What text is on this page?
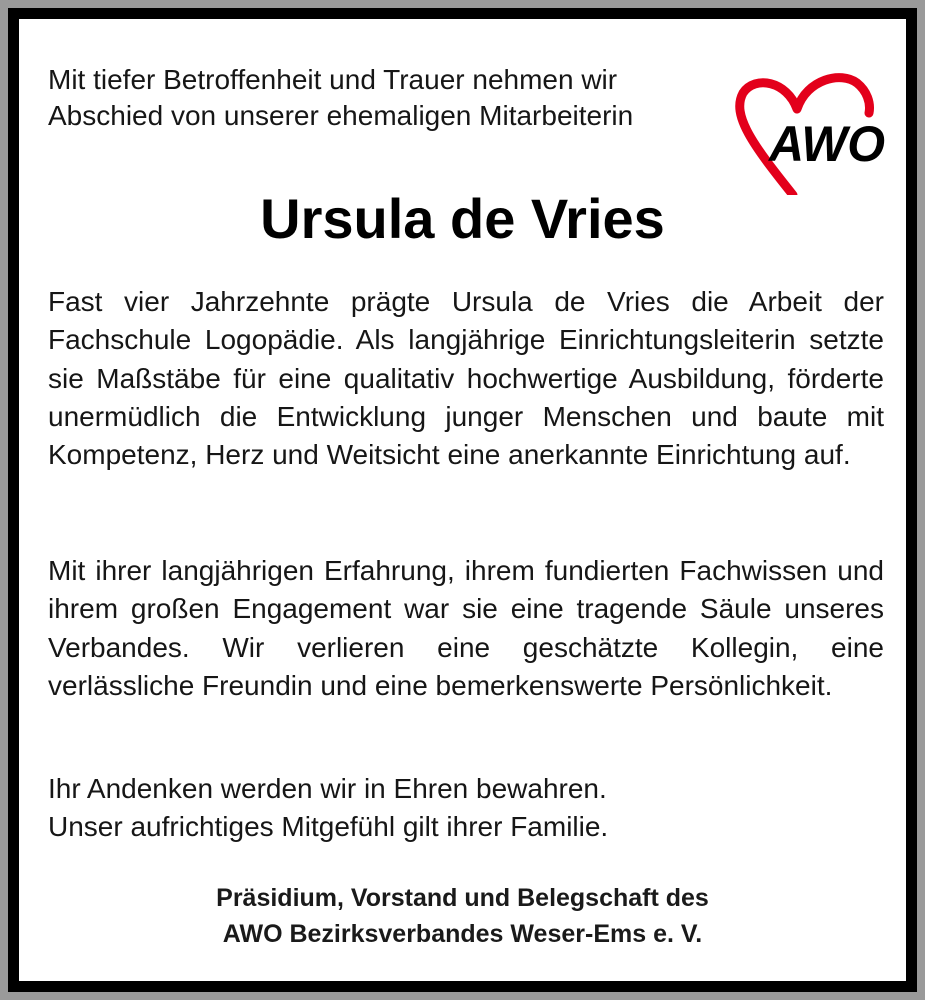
Mit tiefer Betroffenheit und Trauer nehmen wir
Abschied von unserer ehemaligen Mitarbeiterin

AWO
Ursula de Vries

Fast vier Jahrzehnte prägte Ursula de Vries die Arbeit der Fachschule Logopädie. Als langjährige Einrichtungsleiterin setzte sie Maßstäbe für eine qualitativ hochwertige Ausbildung, förderte unermüdlich die Entwicklung junger Menschen und baute mit Kompetenz, Herz und Weitsicht eine anerkannte Einrichtung auf.

Mit ihrer langjährigen Erfahrung, ihrem fundierten Fachwissen und ihrem großen Engagement war sie eine tragende Säule unseres Verbandes. Wir verlieren eine geschätzte Kollegin, eine verlässliche Freundin und eine bemerkenswerte Persönlichkeit.

Ihr Andenken werden wir in Ehren bewahren.
Unser aufrichtiges Mitgefühl gilt ihrer Familie.

Präsidium, Vorstand und Belegschaft des
AWO Bezirksverbandes Weser-Ems e. V.
